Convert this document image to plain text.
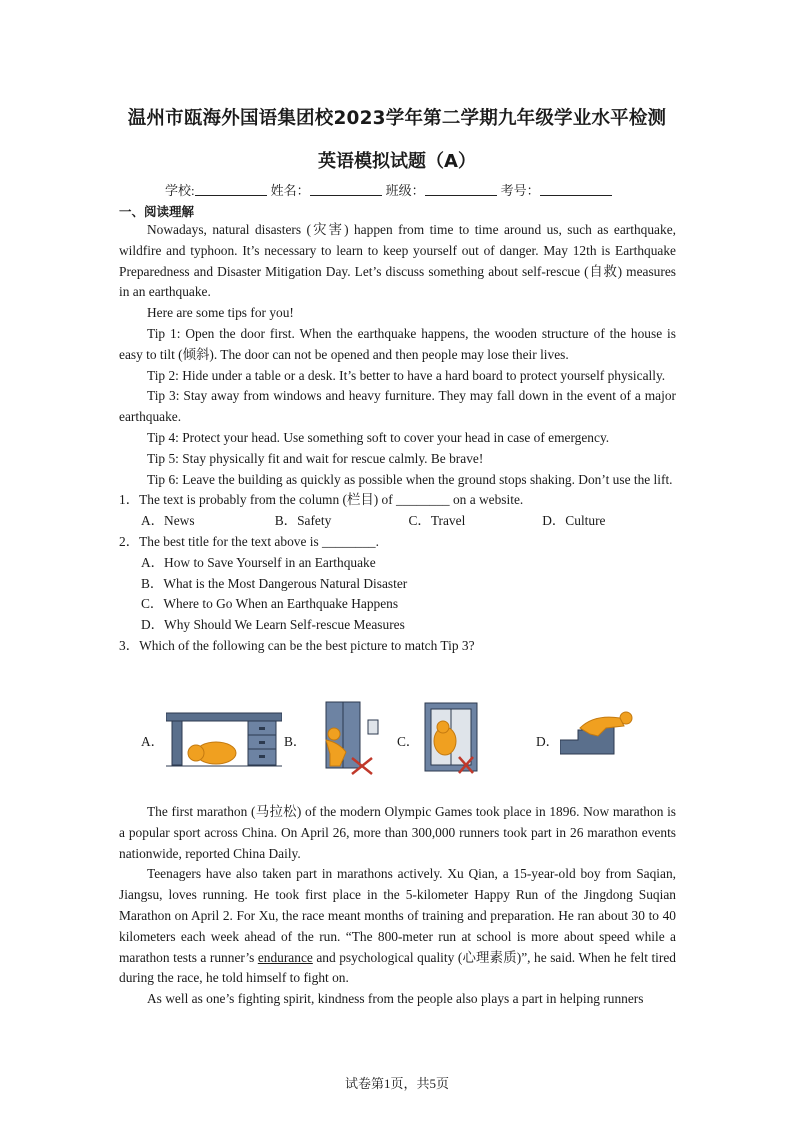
温州市瓯海外国语集团校2023学年第二学期九年级学业水平检测
英语模拟试题（A）
学校:	姓名：	班级：	考号：
一、阅读理解

Nowadays, natural disasters (灾害) happen from time to time around us, such as earthquake, wildfire and typhoon. It’s necessary to learn to keep yourself out of danger. May 12th is Earthquake Preparedness and Disaster Mitigation Day. Let’s discuss something about self-rescue (自救) measures in an earthquake.

Here are some tips for you!

Tip 1: Open the door first. When the earthquake happens, the wooden structure of the house is easy to tilt (倾斜). The door can not be opened and then people may lose their lives.

Tip 2: Hide under a table or a desk. It’s better to have a hard board to protect yourself physically.

Tip 3: Stay away from windows and heavy furniture. They may fall down in the event of a major earthquake.

Tip 4: Protect your head. Use something soft to cover your head in case of emergency.

Tip 5: Stay physically fit and wait for rescue calmly. Be brave!

Tip 6: Leave the building as quickly as possible when the ground stops shaking. Don’t use the lift.

1．The text is probably from the column (栏目) of ________ on a website.

A．News	B．Safety	C．Travel	D．Culture

2．The best title for the text above is ________.

A．How to Save Yourself in an Earthquake

B．What is the Most Dangerous Natural Disaster

C．Where to Go When an Earthquake Happens

D．Why Should We Learn Self-rescue Measures

3．Which of the following can be the best picture to match Tip 3?

A．	B．	C．	D．

The first marathon (马拉松) of the modern Olympic Games took place in 1896. Now marathon is a popular sport across China. On April 26, more than 300,000 runners took part in 26 marathon events nationwide, reported China Daily.

Teenagers have also taken part in marathons actively. Xu Qian, a 15-year-old boy from Saqian, Jiangsu, loves running. He took first place in the 5-kilometer Happy Run of the Jingdong Suqian Marathon on April 2. For Xu, the race meant months of training and preparation. He ran about 30 to 40 kilometers each week ahead of the run. “The 800-meter run at school is more about speed while a marathon tests a runner’s endurance and psychological quality (心理素质)”, he said. When he felt tired during the race, he told himself to fight on.

As well as one’s fighting spirit, kindness from the people also plays a part in helping runners

试卷第1页，共5页
